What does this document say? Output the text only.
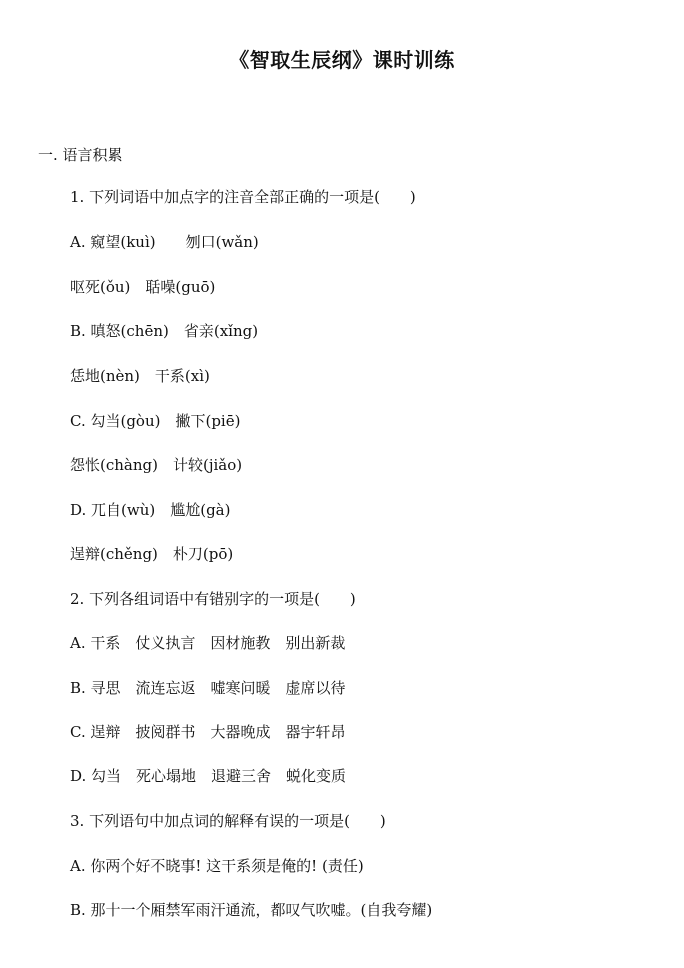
《智取生辰纲》课时训练
一. 语言积累
1. 下列词语中加点字的注音全部正确的一项是(　　)
A. 窥望(kuì)　　刎口(wǎn)
呕死(ǒu)　聒噪(guō)
B. 嗔怒(chēn)　省亲(xǐng)
恁地(nèn)　干系(xì)
C. 勾当(gòu)　撇下(piē)
怨怅(chàng)　计较(jiǎo)
D. 兀自(wù)　尴尬(gà)
逞辩(chěng)　朴刀(pō)
2. 下列各组词语中有错别字的一项是(　　)
A. 干系　仗义执言　因材施教　别出新裁
B. 寻思　流连忘返　嘘寒问暖　虚席以待
C. 逞辩　披阅群书　大器晚成　器宇轩昂
D. 勾当　死心塌地　退避三舍　蜕化变质
3. 下列语句中加点词的解释有误的一项是(　　)
A. 你两个好不晓事! 这干系须是俺的! (责任)
B. 那十一个厢禁军雨汗通流，都叹气吹嘘。(自我夸耀)
